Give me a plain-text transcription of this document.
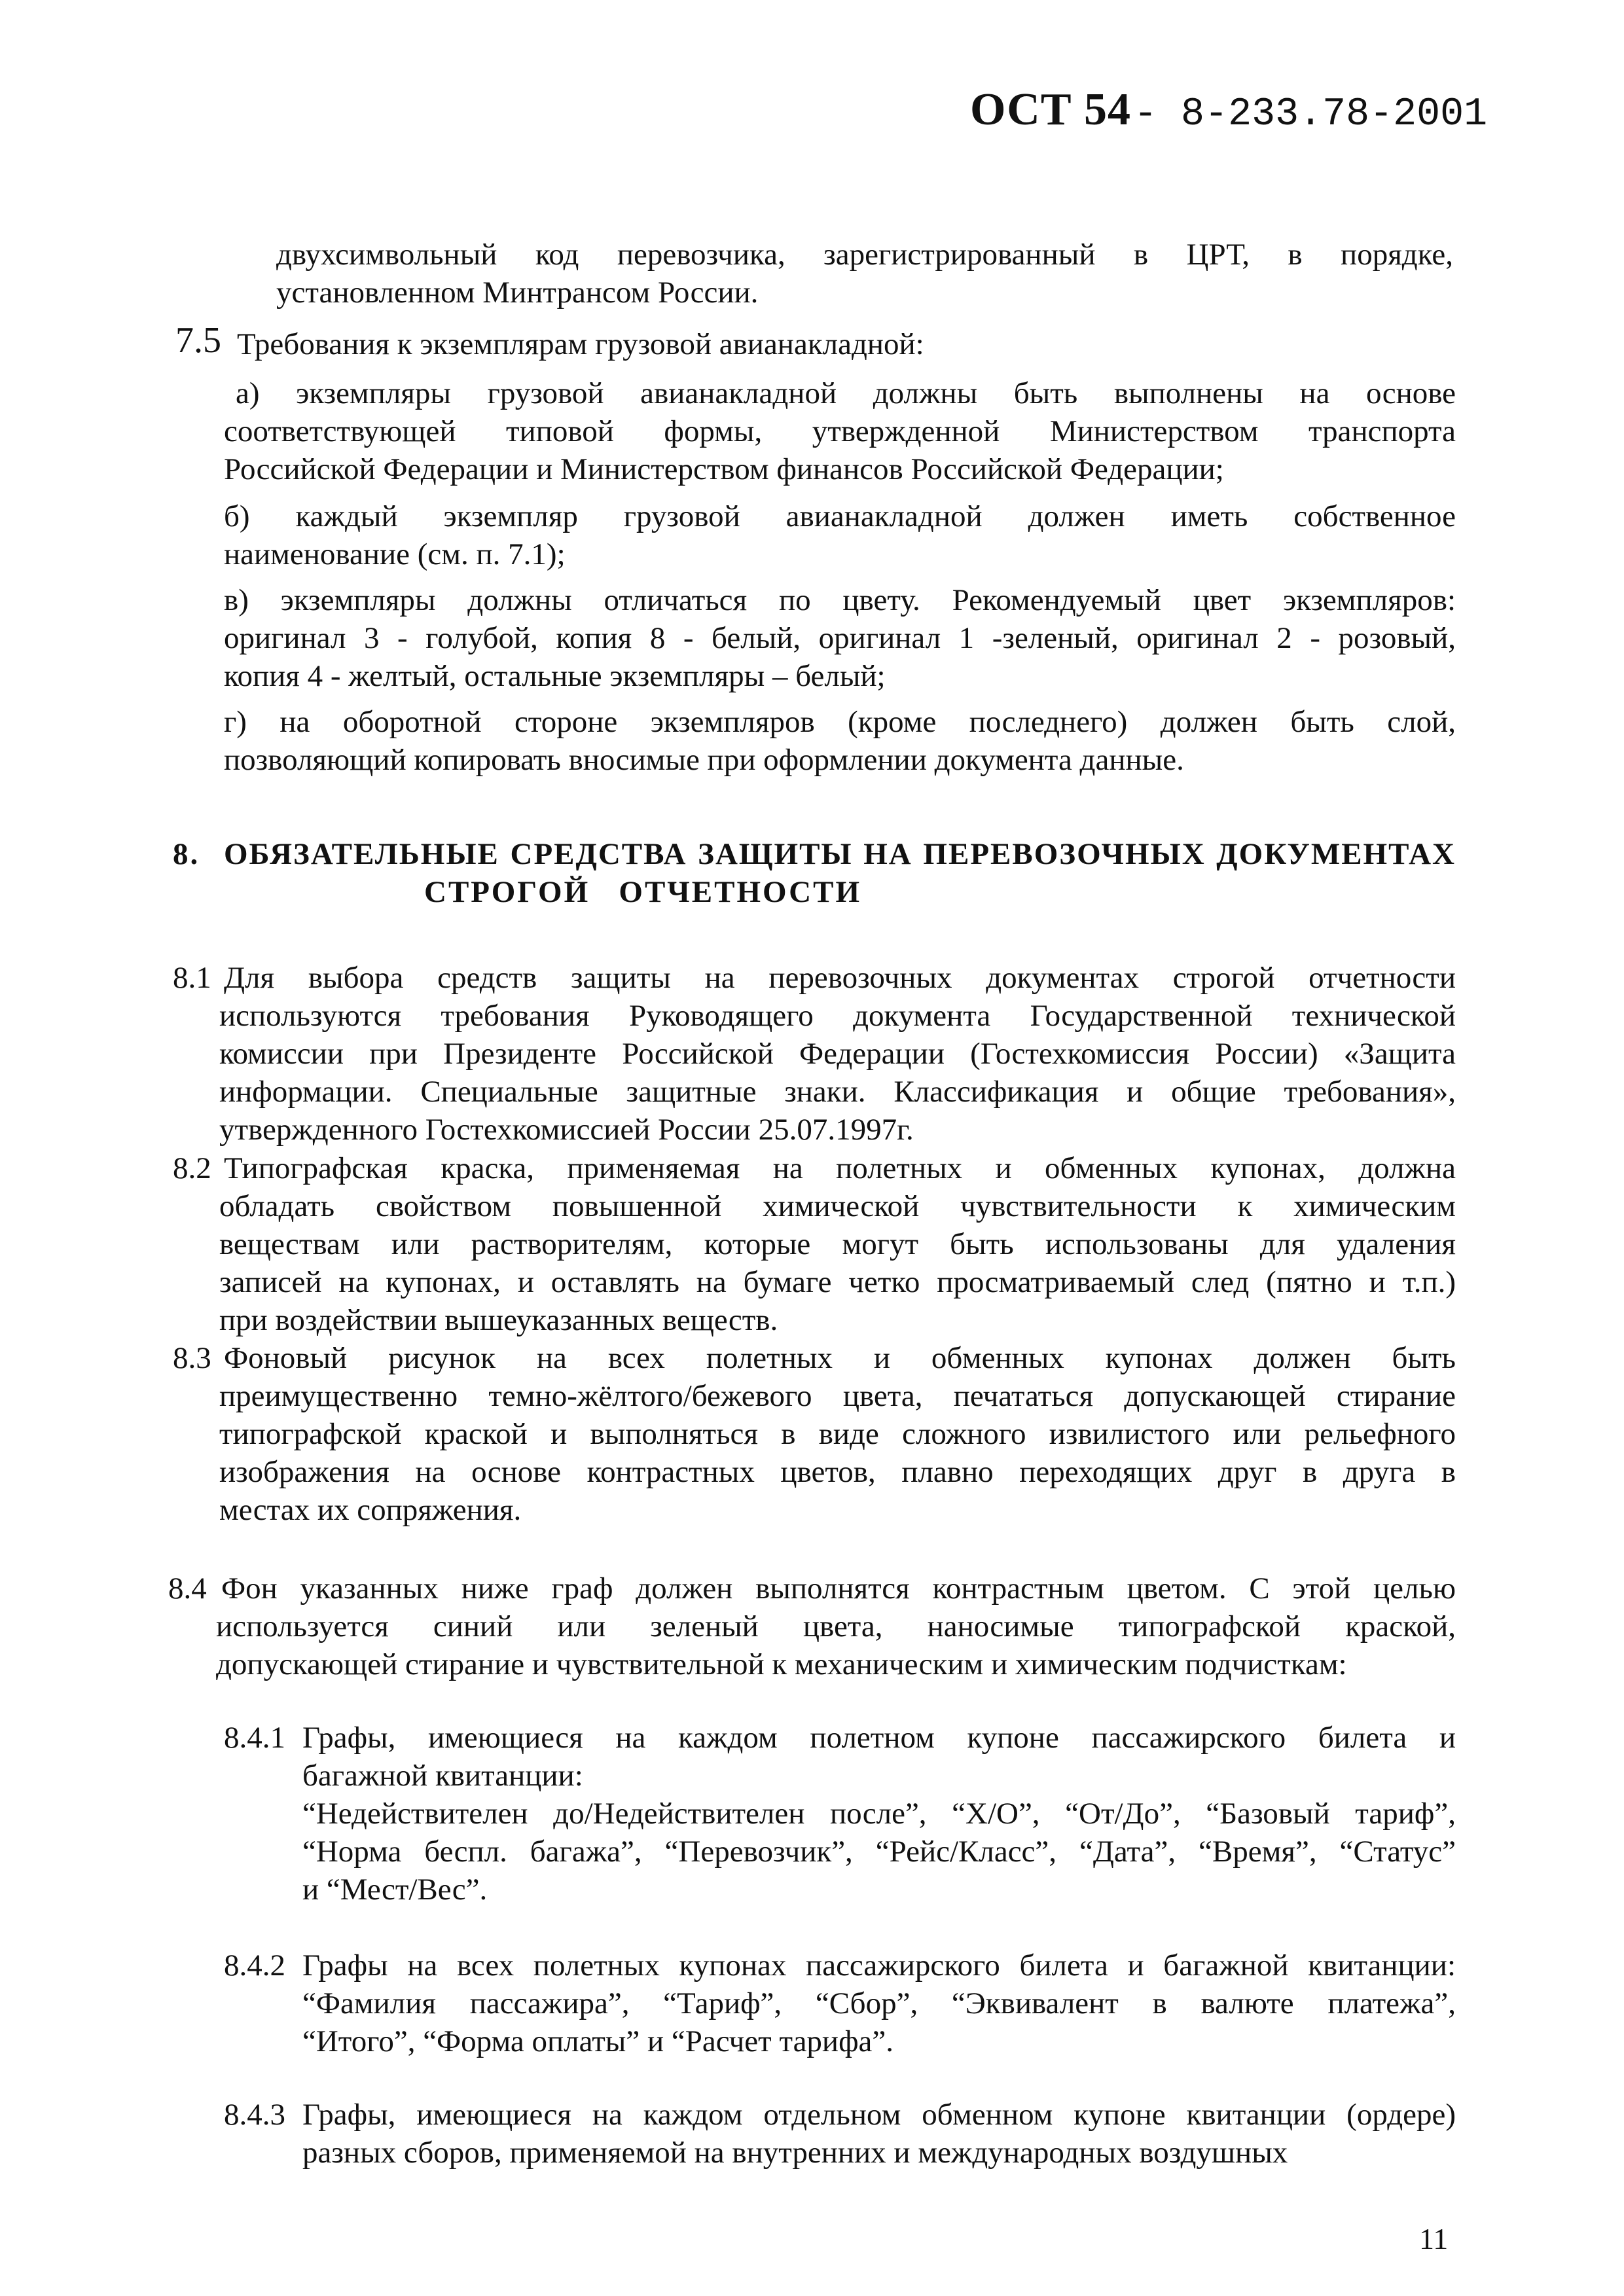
ОСТ 54 - 8-233.78-2001
двухсимвольный код перевозчика, зарегистрированный в ЦРТ, в порядке,
установленном Минтрансом России.
7.5 Требования к экземплярам грузовой авианакладной:
а) экземпляры грузовой авианакладной должны быть выполнены на основе
соответствующей типовой формы, утвержденной Министерством транспорта
Российской Федерации и Министерством финансов Российской Федерации;
б) каждый экземпляр грузовой авианакладной должен иметь собственное
наименование (см. п. 7.1);
в) экземпляры должны отличаться по цвету. Рекомендуемый цвет экземпляров:
оригинал 3 - голубой, копия 8 - белый, оригинал 1 -зеленый, оригинал 2 - розовый,
копия 4 - желтый, остальные экземпляры – белый;
г) на оборотной стороне экземпляров (кроме последнего) должен быть слой,
позволяющий копировать вносимые при оформлении документа данные.
8. ОБЯЗАТЕЛЬНЫЕ СРЕДСТВА ЗАЩИТЫ НА ПЕРЕВОЗОЧНЫХ ДОКУМЕНТАХ
СТРОГОЙ   ОТЧЕТНОСТИ
8.1 Для выбора средств защиты на перевозочных документах строгой отчетности
используются требования Руководящего документа Государственной технической
комиссии при Президенте Российской Федерации (Гостехкомиссия России) «Защита
информации. Специальные защитные знаки. Классификация и общие требования»,
утвержденного Гостехкомиссией России 25.07.1997г.
8.2 Типографская краска, применяемая на полетных и обменных купонах, должна
обладать свойством повышенной химической чувствительности к химическим
веществам или растворителям, которые могут быть использованы для удаления
записей на купонах, и оставлять на бумаге четко просматриваемый след (пятно и т.п.)
при воздействии вышеуказанных веществ.
8.3 Фоновый рисунок на всех полетных и обменных купонах должен быть
преимущественно темно-жёлтого/бежевого цвета, печататься допускающей стирание
типографской краской и выполняться в виде сложного извилистого или рельефного
изображения на основе контрастных цветов, плавно переходящих друг в друга в
местах их сопряжения.
8.4 Фон указанных ниже граф должен выполнятся контрастным цветом. С этой целью
используется синий или зеленый цвета, наносимые типографской краской,
допускающей стирание и чувствительной к механическим и химическим подчисткам:
8.4.1 Графы, имеющиеся на каждом полетном купоне пассажирского билета и
багажной квитанции:
“Недействителен до/Недействителен после”, “Х/О”, “От/До”, “Базовый тариф”,
“Норма беспл. багажа”, “Перевозчик”, “Рейс/Класс”, “Дата”, “Время”, “Статус”
и “Мест/Вес”.
8.4.2 Графы на всех полетных купонах пассажирского билета и багажной квитанции:
“Фамилия пассажира”, “Тариф”, “Сбор”, “Эквивалент в валюте платежа”,
“Итого”, “Форма оплаты” и “Расчет тарифа”.
8.4.3 Графы, имеющиеся на каждом отдельном обменном купоне квитанции (ордере)
разных сборов, применяемой на внутренних и международных воздушных
11
